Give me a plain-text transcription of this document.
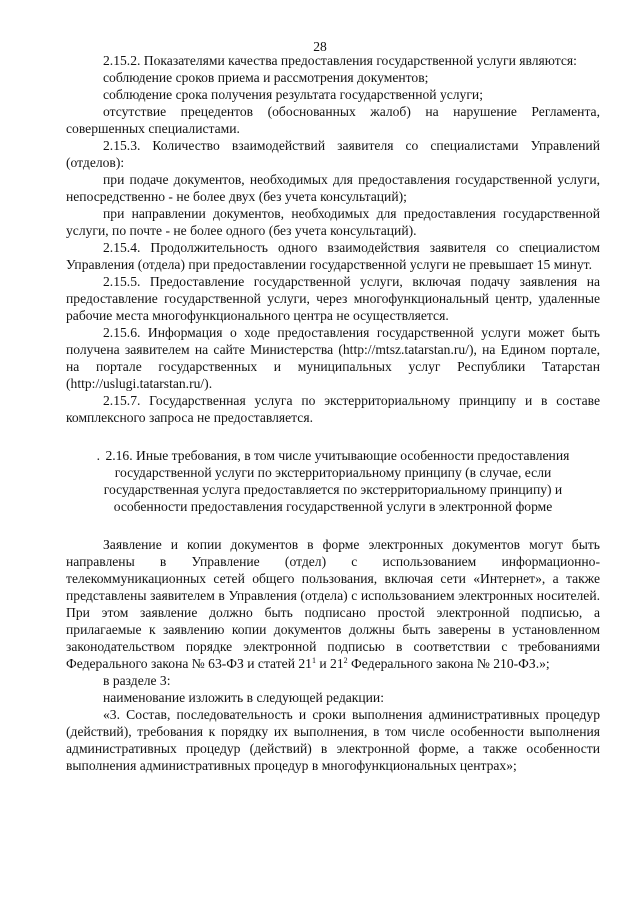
28

2.15.2. Показателями качества предоставления государственной услуги являются:

соблюдение сроков приема и рассмотрения документов;

соблюдение срока получения результата государственной услуги;

отсутствие прецедентов (обоснованных жалоб) на нарушение Регламента, совершенных специалистами.

2.15.3. Количество взаимодействий заявителя со специалистами Управлений (отделов):

при подаче документов, необходимых для предоставления государственной услуги, непосредственно - не более двух (без учета консультаций);

при направлении документов, необходимых для предоставления государственной услуги, по почте - не более одного (без учета консультаций).

2.15.4. Продолжительность одного взаимодействия заявителя со специалистом Управления (отдела) при предоставлении государственной услуги не превышает 15 минут.

2.15.5. Предоставление государственной услуги, включая подачу заявления на предоставление государственной услуги, через многофункциональный центр, удаленные рабочие места многофункционального центра не осуществляется.

2.15.6. Информация о ходе предоставления государственной услуги может быть получена заявителем на сайте Министерства (http://mtsz.tatarstan.ru/), на Едином портале, на портале государственных и муниципальных услуг Республики Татарстан (http://uslugi.tatarstan.ru/).

2.15.7. Государственная услуга по экстерриториальному принципу и в составе комплексного запроса не предоставляется.

. 2.16. Иные требования, в том числе учитывающие особенности предоставления государственной услуги по экстерриториальному принципу (в случае, если государственная услуга предоставляется по экстерриториальному принципу) и особенности предоставления государственной услуги в электронной форме

Заявление и копии документов в форме электронных документов могут быть направлены в Управление (отдел) с использованием информационно-телекоммуникационных сетей общего пользования, включая сети «Интернет», а также представлены заявителем в Управления (отдела) с использованием электронных носителей. При этом заявление должно быть подписано простой электронной подписью, а прилагаемые к заявлению копии документов должны быть заверены в установленном законодательством порядке электронной подписью в соответствии с требованиями Федерального закона № 63-ФЗ и статей $21^1$ и $21^2$ Федерального закона № 210-ФЗ.»;

в разделе 3:

наименование изложить в следующей редакции:

«3. Состав, последовательность и сроки выполнения административных процедур (действий), требования к порядку их выполнения, в том числе особенности выполнения административных процедур (действий) в электронной форме, а также особенности выполнения административных процедур в многофункциональных центрах»;
